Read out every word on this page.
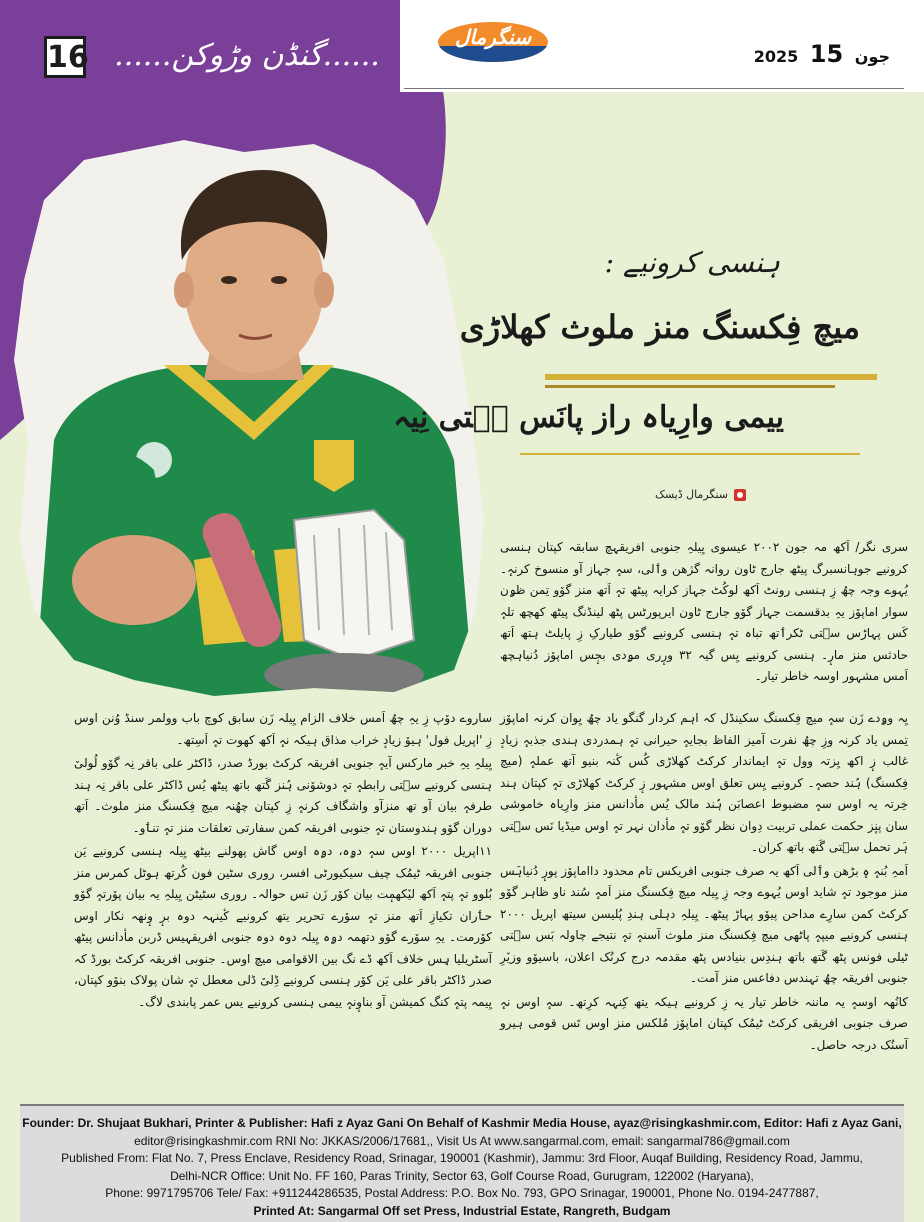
16 ......گنڈن وڑوکن......
سنگرمال
2025	جون 15
ہنسی کرونیے :
میچ فِکسنگ منز ملوث کھلاڑی
ییمی وارِیاہ راز پانَس سۭتی نِیہ
سنگرمال ڈیسک

سری نگر/ اَکھ مہ جون ۲۰۰۲ عیسوی یِیلہِ جنوبی افریقہچ سابقہ کپتان ہنسی کرونیے جوہانسبرگ پیٹھ جارج ٹاون روانہ گژھن وٲلی، سہٕ جہاز آو منسوخ کرنہٕ۔ یُہوے وجہ چھُ زِ ہنسی رونٹ اَکھ لوکُٹ جہاز کرایہ پیٹھ تہٕ اَتھ منز گوٚو تِمن ظۅن سوار اماپوٚز یہِ بدقسمت جہاز گوٚو جارج ٹاون ایرپورٹس پٹھ لینڈنگ پیٹھ کھچھ تلہٕ کَس پہاڑس سۭتی ٹکرٲتھ تباہ تہٕ ہنسی کرونیے گوٚو طیارکِ زِ پایلٹ ہتھ اَتھ حادثس منز مارٕ۔ ہنسی کرونیے یِس گیہ ۳۲ ورٕری مۄدی بجٕس اماپوٚز دُنیاہچھ اَمس مشہور اوسہ خاطر تیار۔

یِہ وۅدے زَن سہٕ میچ فِکسنگ سکینڈل کہ اہم کردار گنگو یاد چھُ یِوان کرنہ اماپوٚز تِمس یاد کرنہ وزِ چھُ نفرت آمیز الفاظ بجایہٕ حیرانی تہٕ ہمدردی ہندی جذبہٕ زیادٕ غالب زٕ اکھ یِزتہ وول تہٕ ایماندار کرکٹ کھلاڑی کُس کٔنہ بنیو آتھ عملہٕ (میچ فِکسنگ) ہُند حصہٕ۔ کرونیے یِس تعلق اوس مشہور زٕ کرکٹ کھلاڑی تہٕ کپتان ہند خِرتہ یہ اوس سہٕ مضبوط اعصابَن ہُند مالک یُس مأدانس منز وارِیاہ خاموشی سان پنٕز حکمت عملی تربیت دِوان نظر گوٚو تہٕ مأدان نہر تہٕ اوس میڈیا نَس سۭتی ہَر تحمل سۭتی گَتھ باتھ کران۔

اَمہِ بُنہٕ ہٕ بڑھن وٲلی اَکھ یہ صرف جنوبی افریکس تام محدود دااماپوٚز پورٕ دُنیاہَس منز موجود تہٕ شاید اوس یُہوے وجہ زِ یِیلہ میچ فِکسنگ منز اَمہٕ سُند ناو ظاہر گوٚو کرکٹ کمن سارِے مداحن پیوٚو پہاڑ پیٹھ۔ یِیلہِ دہلی ہندِ پُلیسن سیتھ اپریل ۲۰۰۰ ہنسی کرونیے میپہٕ پاٹھی میچ فِکسنگ منز ملوث آسنہٕ تہٕ نتیجے چاولہ بَس سۭتی ٹیلی فونس پٹھ گَتھ باتھ ہندِس بنیادس پٹھ مقدمہ درج کرنُک اعلان، باسیوٚو وزیٚرِ جنوبی افریقہ چھُ تہندس دفاعس منز آمت۔

کانُھہ اوسہٕ یہ ماننہ خاطر تیار یہ زِ کرونیے ہیکہ یتھ کِنہہ کرِتھ۔ سہٕ اوس نہٕ صرف جنوبی افریقی کرکٹ ٹیمُک کپتان اماپوٚز مُلکس منز اوس تَس قومی ہیرو آسنُک درجہ حاصل۔

ساروے دوٚپ زِ یہِ چھُ اَمس خلاف الزام یِیلہ زَن سابق کوچ باب وولمر سنڈ وُنن اوس زِ 'اپریل فول' ہیوٚ زیادٕ خراب مذاق ہیکہ نہٕ اَکھ کھوت تہٕ اَسِتھ۔

یِیلہِ یہِ خبر مارکس آیہٕ جنوبی افریقہ کرکٹ بورڈ صدر، ڈاکٹر علی باقر نِہ گوٚو لُولیٚ ہنسی کرونیے سۭتی رابطہٕ تہٕ دوشوٚنی ہُنز گَتھ باتھ پیٹھ یُس ڈاکٹر علی باقر نِہ ہند طرفہٕ بیان آو تھ منزآو واشگاف کرنہٕ زِ کپتان چھُنہ میچ فِکسنگ منز ملوث۔ اَتھ دوران گوٚو ہندوستان تہٕ جنوبی افریقہ کمن سفارتی تعلقات منز تہٕ تنٲو۔

۱۱اپریل ۲۰۰۰ اوس سہٕ دۄہ، دۄہ اوس گاش پھولنے بیٹھ یِیلہ ہنسی کرونیے یَن جنوبی افریقہ ٹیمُک چیف سیکیورٹی افسر، روری سٹین فون کُرتھ ہوٹل کمرس منز بُلوو تہٕ پتہٕ اَکھ لیٚکھمٕت بیان کوٚر زَن تس حوالہ۔ روری سٹیٹن یِیلہِ یہ بیان پوٚرتہٕ گوٚو حٲران تکیازِ اَتھ منز تہٕ سوٚرے تحریر یتھ کرونیے کٔینہہ دوہ برٕ وٕنھہ نکار اوس کوٚرمت۔ یہِ سوٚرے گوٚو دتھمہ دۄہ یِیلہ دوہ دوہ جنوبی افریقہیس ڈربن مأدانس پیٹھ آسٹریلیا ہِس خلاف اَکھ ڈے نگ بین الاقوامی میچ اوس۔ جنوبی افریقہ کرکٹ بورڈ کہ صدر ڈاکٹر باقر علی یَن کوٚر ہنسی کرونیے ڈِلیٚ ڈلی معطل تہٕ شان پولاک بنوٚو کپتان، یِیمہ پتہٕ کنگ کمیشن آو بناوٕنہٕ ییمی ہنسی کرونیے یس عمر پابندی لاگ۔

Founder: Dr. Shujaat Bukhari, Printer & Publisher: Hafi z Ayaz Gani On Behalf of Kashmir Media House, ayaz@risingkashmir.com, Editor: Hafi z Ayaz Gani,
editor@risingkashmir.com RNI No: JKKAS/2006/17681,, Visit Us At www.sangarmal.com, email: sangarmal786@gmail.com
Published From: Flat No. 7, Press Enclave, Residency Road, Srinagar, 190001 (Kashmir), Jammu: 3rd Floor, Auqaf Building, Residency Road, Jammu,
Delhi-NCR Office: Unit No. FF 160, Paras Trinity, Sector 63, Golf Course Road, Gurugram, 122002 (Haryana),
Phone: 9971795706 Tele/ Fax: +911244286535, Postal Address: P.O. Box No. 793, GPO Srinagar, 190001, Phone No. 0194-2477887,
Printed At: Sangarmal Off set Press, Industrial Estate, Rangreth, Budgam
